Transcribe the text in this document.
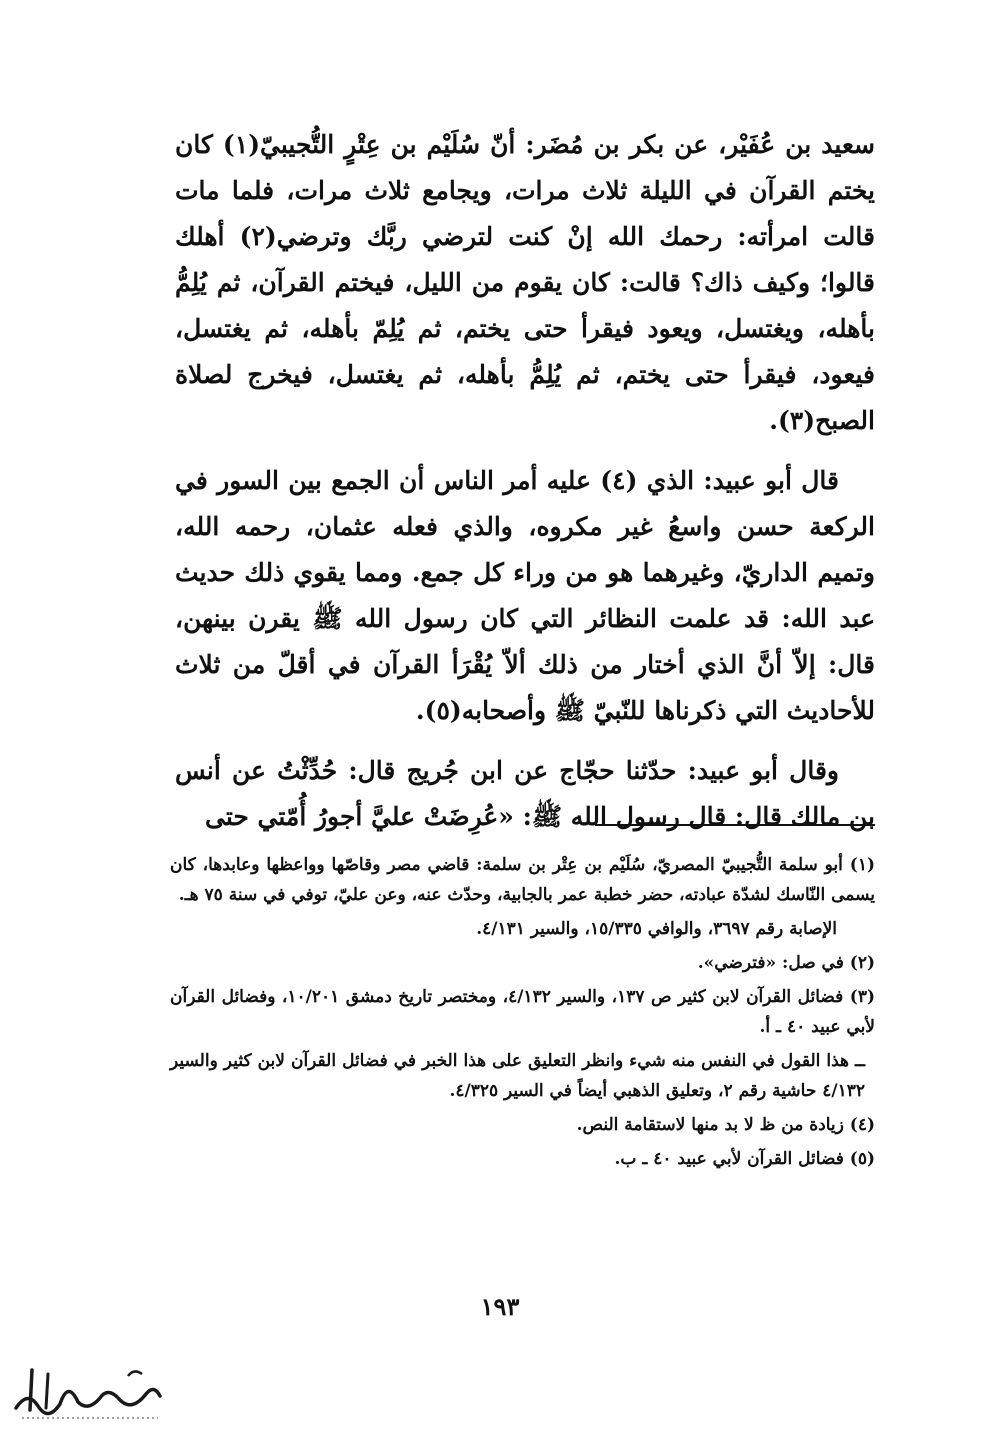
سعيد بن عُفَيْر، عن بكر بن مُضَر: أنّ سُلَيْم بن عِتْرٍ التُّجيبيّ(١) كان يختم القرآن في الليلة ثلاث مرات، ويجامع ثلاث مرات، فلما مات قالت امرأته: رحمك الله إنْ كنت لترضي ربَّك وترضي(٢) أهلك قالوا؛ وكيف ذاك؟ قالت: كان يقوم من الليل، فيختم القرآن، ثم يُلِمُّ بأهله، ويغتسل، ويعود فيقرأ حتى يختم، ثم يُلِمّ بأهله، ثم يغتسل، فيعود، فيقرأ حتى يختم، ثم يُلِمُّ بأهله، ثم يغتسل، فيخرج لصلاة الصبح(٣).

قال أبو عبيد: الذي (٤) عليه أمر الناس أن الجمع بين السور في الركعة حسن واسعُ غير مكروه، والذي فعله عثمان، رحمه الله، وتميم الداريّ، وغيرهما هو من وراء كل جمع. ومما يقوي ذلك حديث عبد الله: قد علمت النظائر التي كان رسول الله ﷺ يقرن بينهن، قال: إلاّ أنَّ الذي أختار من ذلك ألاّ يُقْرَأ القرآن في أقلّ من ثلاث للأحاديث التي ذكرناها للنّبيّ ﷺ وأصحابه(٥).

وقال أبو عبيد: حدّثنا حجّاج عن ابن جُريج قال: حُدِّثْتُ عن أنس بن مالك قال: قال رسول الله ﷺ: «عُرِضَتْ عليَّ أجورُ أُمّتي حتى

(١) أبو سلمة التُّجيبيّ المصريّ، سُلَيْم بن عِتْر بن سلمة: قاضي مصر وقاصّها وواعظها وعابدها، كان يسمى النّاسك لشدّة عبادته، حضر خطبة عمر بالجابية، وحدّث عنه، وعن عليّ، توفي في سنة ٧٥ هـ.

الإصابة رقم ٣٦٩٧، والوافي ١٥/٣٣٥، والسير ٤/١٣١.

(٢) في صل: «فترضي».

(٣) فضائل القرآن لابن كثير ص ١٣٧، والسير ٤/١٣٢، ومختصر تاريخ دمشق ١٠/٢٠١، وفضائل القرآن لأبي عبيد ٤٠ ـ أ.

ــ هذا القول في النفس منه شيء وانظر التعليق على هذا الخبر في فضائل القرآن لابن كثير والسير ٤/١٣٢ حاشية رقم ٢، وتعليق الذهبي أيضاً في السير ٤/٣٢٥.

(٤) زيادة من ظ لا بد منها لاستقامة النص.

(٥) فضائل القرآن لأبي عبيد ٤٠ ـ ب.

١٩٣
